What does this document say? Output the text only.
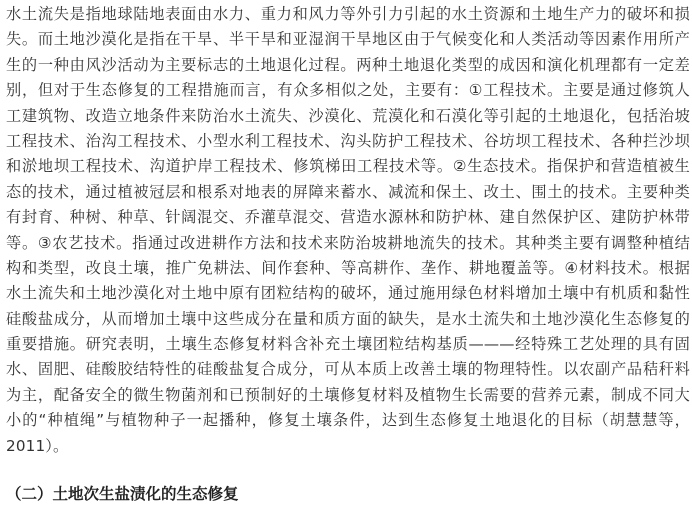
水土流失是指地球陆地表面由水力、重力和风力等外引力引起的水土资源和土地生产力的破坏和损
失。而土地沙漠化是指在干旱、半干旱和亚湿润干旱地区由于气候变化和人类活动等因素作用所产
生的一种由风沙活动为主要标志的土地退化过程。两种土地退化类型的成因和演化机理都有一定差
别，但对于生态修复的工程措施而言，有众多相似之处，主要有：①工程技术。主要是通过修筑人
工建筑物、改造立地条件来防治水土流失、沙漠化、荒漠化和石漠化等引起的土地退化，包括治坡
工程技术、治沟工程技术、小型水利工程技术、沟头防护工程技术、谷坊坝工程技术、各种拦沙坝
和淤地坝工程技术、沟道护岸工程技术、修筑梯田工程技术等。②生态技术。指保护和营造植被生
态的技术，通过植被冠层和根系对地表的屏障来蓄水、减流和保土、改土、围土的技术。主要种类
有封育、种树、种草、针阔混交、乔灌草混交、营造水源林和防护林、建自然保护区、建防护林带
等。③农艺技术。指通过改进耕作方法和技术来防治坡耕地流失的技术。其种类主要有调整种植结
构和类型，改良土壤，推广免耕法、间作套种、等高耕作、垄作、耕地覆盖等。④材料技术。根据
水土流失和土地沙漠化对土地中原有团粒结构的破坏，通过施用绿色材料增加土壤中有机质和黏性
硅酸盐成分，从而增加土壤中这些成分在量和质方面的缺失，是水土流失和土地沙漠化生态修复的
重要措施。研究表明，土壤生态修复材料含补充土壤团粒结构基质———经特殊工艺处理的具有固
水、固肥、硅酸胶结特性的硅酸盐复合成分，可从本质上改善土壤的物理特性。以农副产品秸秆料
为主，配备安全的微生物菌剂和已预制好的土壤修复材料及植物生长需要的营养元素，制成不同大
小的“种植绳”与植物种子一起播种，修复土壤条件，达到生态修复土地退化的目标（胡慧慧等，
2011）。
（二）土地次生盐渍化的生态修复
